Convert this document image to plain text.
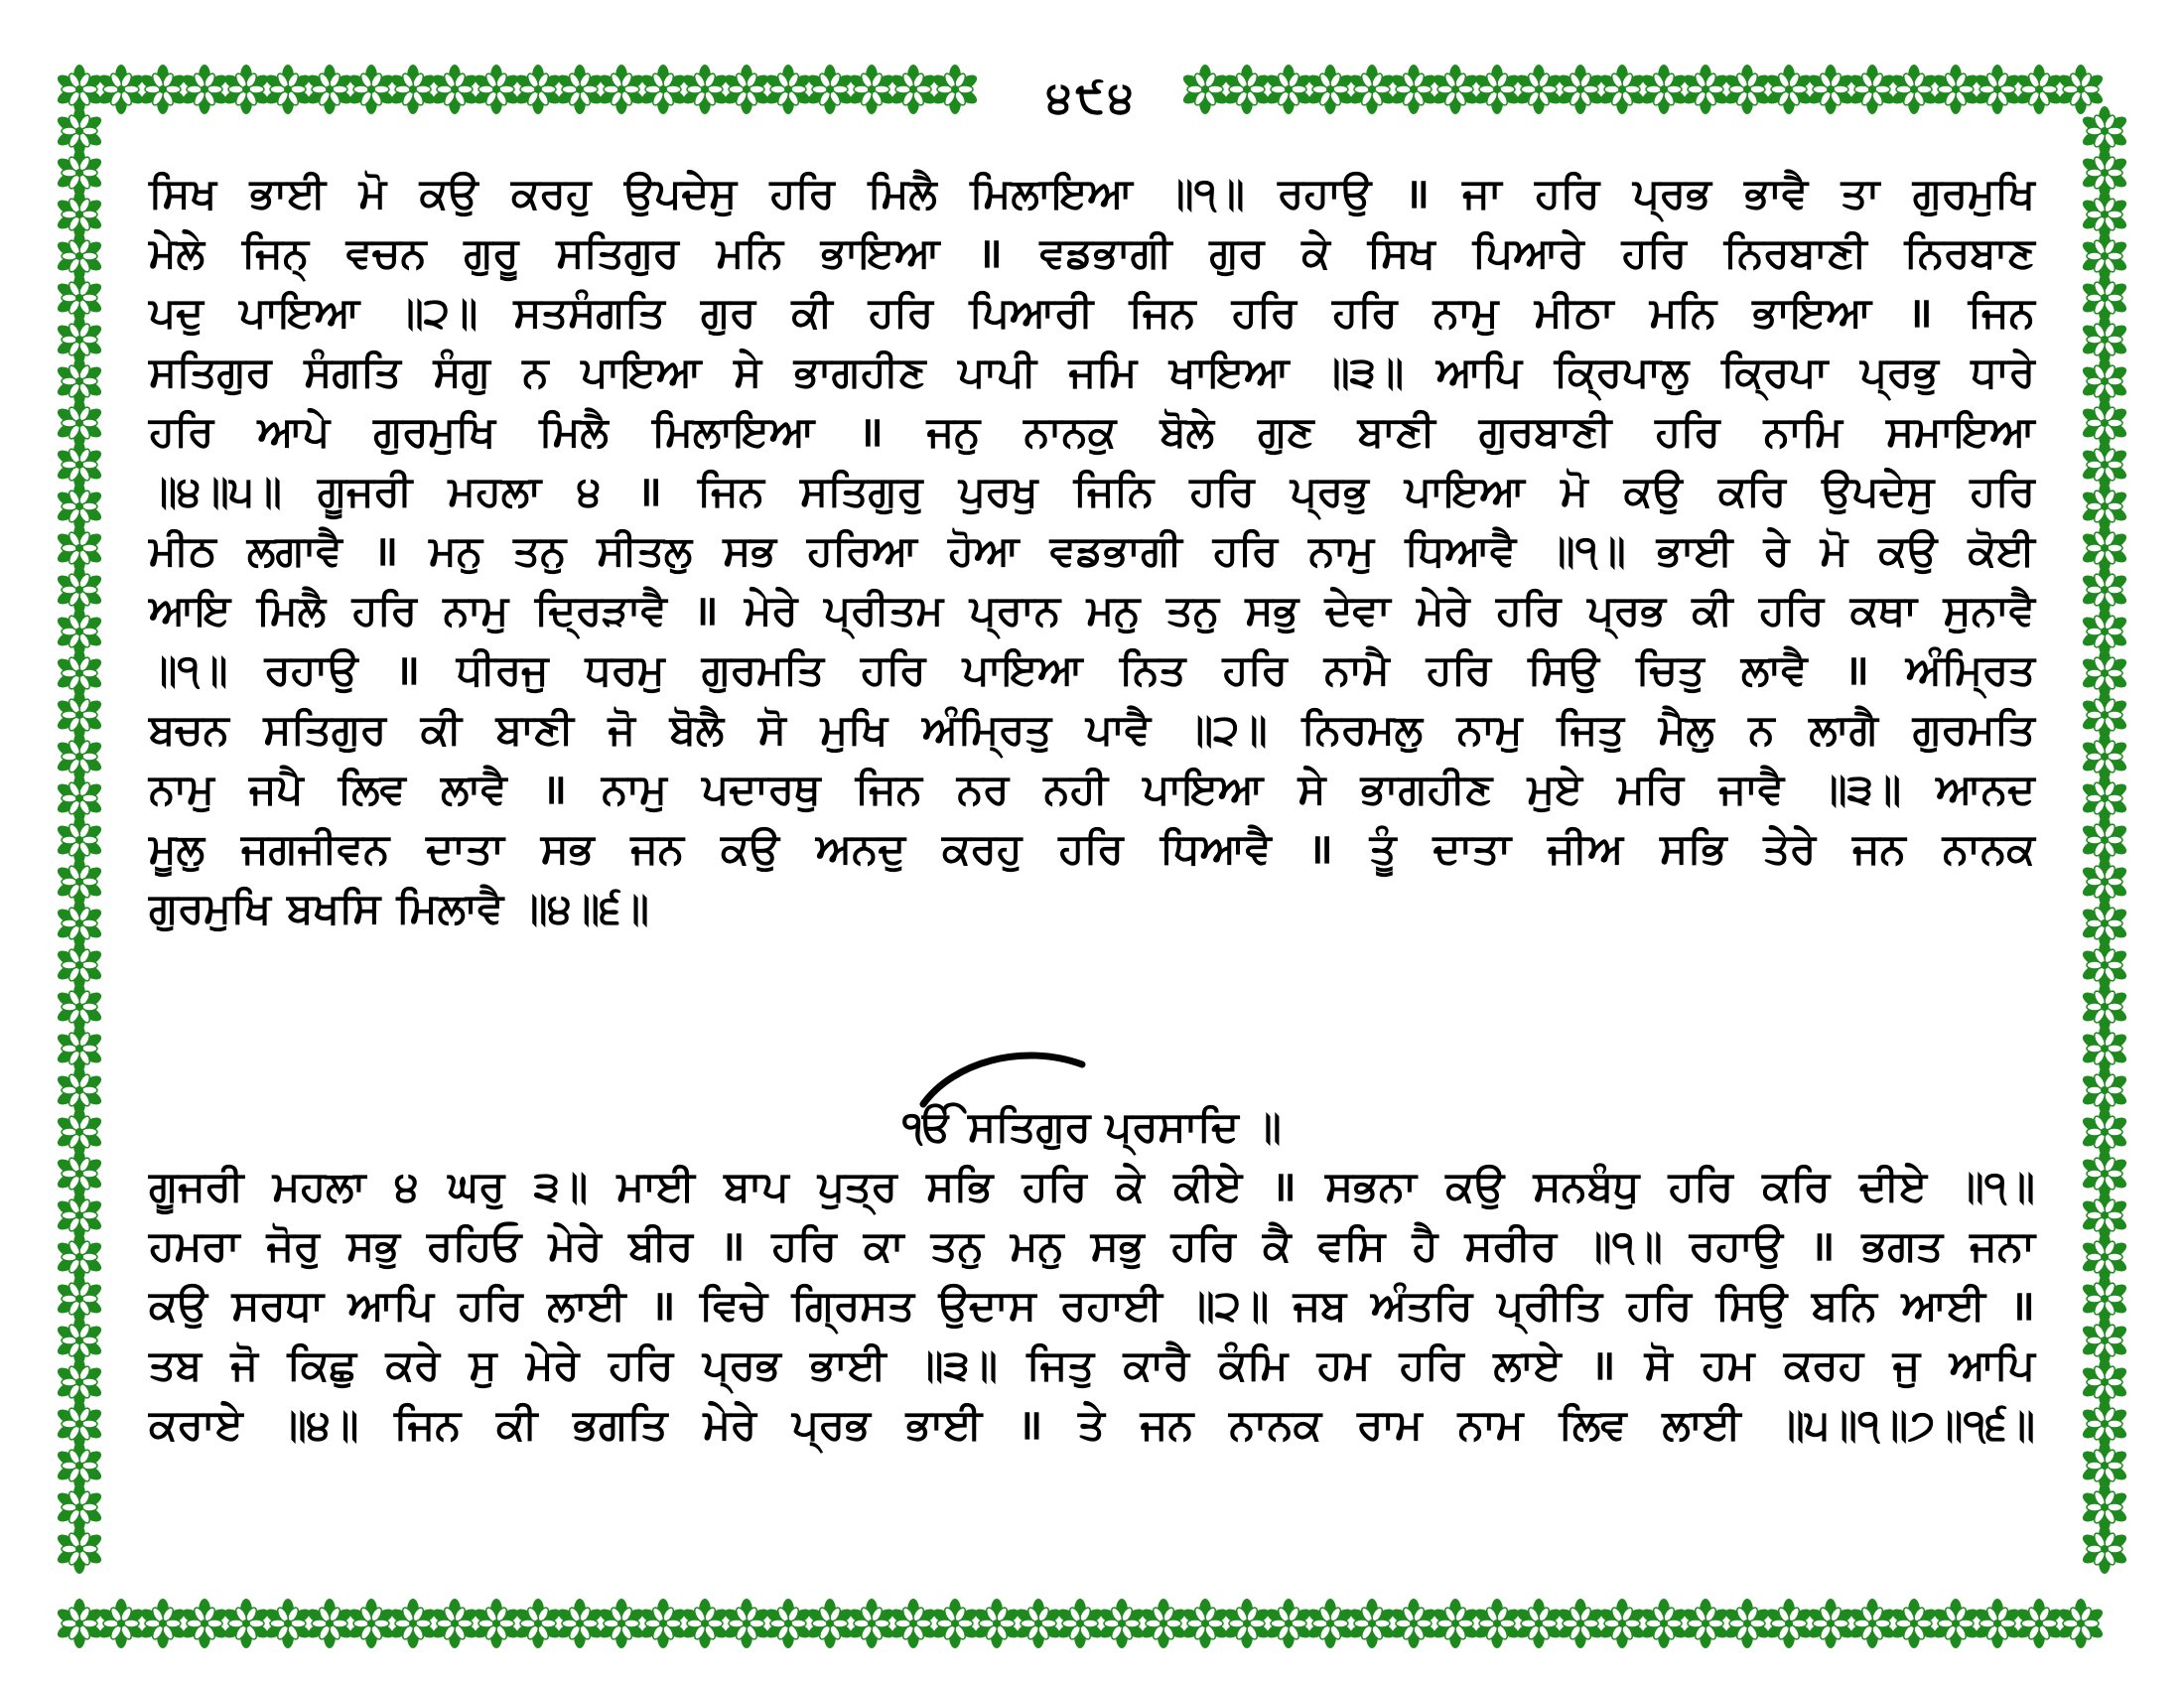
੪੯੪
ਸਿਖ ਭਾਈ ਮੋ ਕਉ ਕਰਹੁ ਉਪਦੇਸੁ ਹਰਿ ਮਿਲੈ ਮਿਲਾਇਆ ॥੧॥ ਰਹਾਉ ॥ ਜਾ ਹਰਿ ਪ੍ਰਭ ਭਾਵੈ ਤਾ ਗੁਰਮੁਖਿ
ਮੇਲੇ ਜਿਨ੍ ਵਚਨ ਗੁਰੂ ਸਤਿਗੁਰ ਮਨਿ ਭਾਇਆ ॥ ਵਡਭਾਗੀ ਗੁਰ ਕੇ ਸਿਖ ਪਿਆਰੇ ਹਰਿ ਨਿਰਬਾਣੀ ਨਿਰਬਾਣ
ਪਦੁ ਪਾਇਆ ॥੨॥ ਸਤਸੰਗਤਿ ਗੁਰ ਕੀ ਹਰਿ ਪਿਆਰੀ ਜਿਨ ਹਰਿ ਹਰਿ ਨਾਮੁ ਮੀਠਾ ਮਨਿ ਭਾਇਆ ॥ ਜਿਨ
ਸਤਿਗੁਰ ਸੰਗਤਿ ਸੰਗੁ ਨ ਪਾਇਆ ਸੇ ਭਾਗਹੀਣ ਪਾਪੀ ਜਮਿ ਖਾਇਆ ॥੩॥ ਆਪਿ ਕ੍ਰਿਪਾਲੁ ਕ੍ਰਿਪਾ ਪ੍ਰਭੁ ਧਾਰੇ
ਹਰਿ ਆਪੇ ਗੁਰਮੁਖਿ ਮਿਲੈ ਮਿਲਾਇਆ ॥ ਜਨੁ ਨਾਨਕੁ ਬੋਲੇ ਗੁਣ ਬਾਣੀ ਗੁਰਬਾਣੀ ਹਰਿ ਨਾਮਿ ਸਮਾਇਆ
॥੪॥੫॥ ਗੂਜਰੀ ਮਹਲਾ ੪ ॥ ਜਿਨ ਸਤਿਗੁਰੁ ਪੁਰਖੁ ਜਿਨਿ ਹਰਿ ਪ੍ਰਭੁ ਪਾਇਆ ਮੋ ਕਉ ਕਰਿ ਉਪਦੇਸੁ ਹਰਿ
ਮੀਠ ਲਗਾਵੈ ॥ ਮਨੁ ਤਨੁ ਸੀਤਲੁ ਸਭ ਹਰਿਆ ਹੋਆ ਵਡਭਾਗੀ ਹਰਿ ਨਾਮੁ ਧਿਆਵੈ ॥੧॥ ਭਾਈ ਰੇ ਮੋ ਕਉ ਕੋਈ
ਆਇ ਮਿਲੈ ਹਰਿ ਨਾਮੁ ਦ੍ਰਿੜਾਵੈ ॥ ਮੇਰੇ ਪ੍ਰੀਤਮ ਪ੍ਰਾਨ ਮਨੁ ਤਨੁ ਸਭੁ ਦੇਵਾ ਮੇਰੇ ਹਰਿ ਪ੍ਰਭ ਕੀ ਹਰਿ ਕਥਾ ਸੁਨਾਵੈ
॥੧॥ ਰਹਾਉ ॥ ਧੀਰਜੁ ਧਰਮੁ ਗੁਰਮਤਿ ਹਰਿ ਪਾਇਆ ਨਿਤ ਹਰਿ ਨਾਮੈ ਹਰਿ ਸਿਉ ਚਿਤੁ ਲਾਵੈ ॥ ਅੰਮ੍ਰਿਤ
ਬਚਨ ਸਤਿਗੁਰ ਕੀ ਬਾਣੀ ਜੋ ਬੋਲੈ ਸੋ ਮੁਖਿ ਅੰਮ੍ਰਿਤੁ ਪਾਵੈ ॥੨॥ ਨਿਰਮਲੁ ਨਾਮੁ ਜਿਤੁ ਮੈਲੁ ਨ ਲਾਗੈ ਗੁਰਮਤਿ
ਨਾਮੁ ਜਪੈ ਲਿਵ ਲਾਵੈ ॥ ਨਾਮੁ ਪਦਾਰਥੁ ਜਿਨ ਨਰ ਨਹੀ ਪਾਇਆ ਸੇ ਭਾਗਹੀਣ ਮੁਏ ਮਰਿ ਜਾਵੈ ॥੩॥ ਆਨਦ
ਮੂਲੁ ਜਗਜੀਵਨ ਦਾਤਾ ਸਭ ਜਨ ਕਉ ਅਨਦੁ ਕਰਹੁ ਹਰਿ ਧਿਆਵੈ ॥ ਤੂੰ ਦਾਤਾ ਜੀਅ ਸਭਿ ਤੇਰੇ ਜਨ ਨਾਨਕ
ਗੁਰਮੁਖਿ ਬਖਸਿ ਮਿਲਾਵੈ ॥੪॥੬॥
ੴ ਸਤਿਗੁਰ ਪ੍ਰਸਾਦਿ ॥
ਗੂਜਰੀ ਮਹਲਾ ੪ ਘਰੁ ੩॥ ਮਾਈ ਬਾਪ ਪੁਤ੍ਰ ਸਭਿ ਹਰਿ ਕੇ ਕੀਏ ॥ ਸਭਨਾ ਕਉ ਸਨਬੰਧੁ ਹਰਿ ਕਰਿ ਦੀਏ ॥੧॥
ਹਮਰਾ ਜੋਰੁ ਸਭੁ ਰਹਿਓ ਮੇਰੇ ਬੀਰ ॥ ਹਰਿ ਕਾ ਤਨੁ ਮਨੁ ਸਭੁ ਹਰਿ ਕੈ ਵਸਿ ਹੈ ਸਰੀਰ ॥੧॥ ਰਹਾਉ ॥ ਭਗਤ ਜਨਾ
ਕਉ ਸਰਧਾ ਆਪਿ ਹਰਿ ਲਾਈ ॥ ਵਿਚੇ ਗ੍ਰਿਸਤ ਉਦਾਸ ਰਹਾਈ ॥੨॥ ਜਬ ਅੰਤਰਿ ਪ੍ਰੀਤਿ ਹਰਿ ਸਿਉ ਬਨਿ ਆਈ ॥
ਤਬ ਜੋ ਕਿਛੁ ਕਰੇ ਸੁ ਮੇਰੇ ਹਰਿ ਪ੍ਰਭ ਭਾਈ ॥੩॥ ਜਿਤੁ ਕਾਰੈ ਕੰਮਿ ਹਮ ਹਰਿ ਲਾਏ ॥ ਸੋ ਹਮ ਕਰਹ ਜੁ ਆਪਿ
ਕਰਾਏ ॥੪॥ ਜਿਨ ਕੀ ਭਗਤਿ ਮੇਰੇ ਪ੍ਰਭ ਭਾਈ ॥ ਤੇ ਜਨ ਨਾਨਕ ਰਾਮ ਨਾਮ ਲਿਵ ਲਾਈ ॥੫॥੧॥੭॥੧੬॥
